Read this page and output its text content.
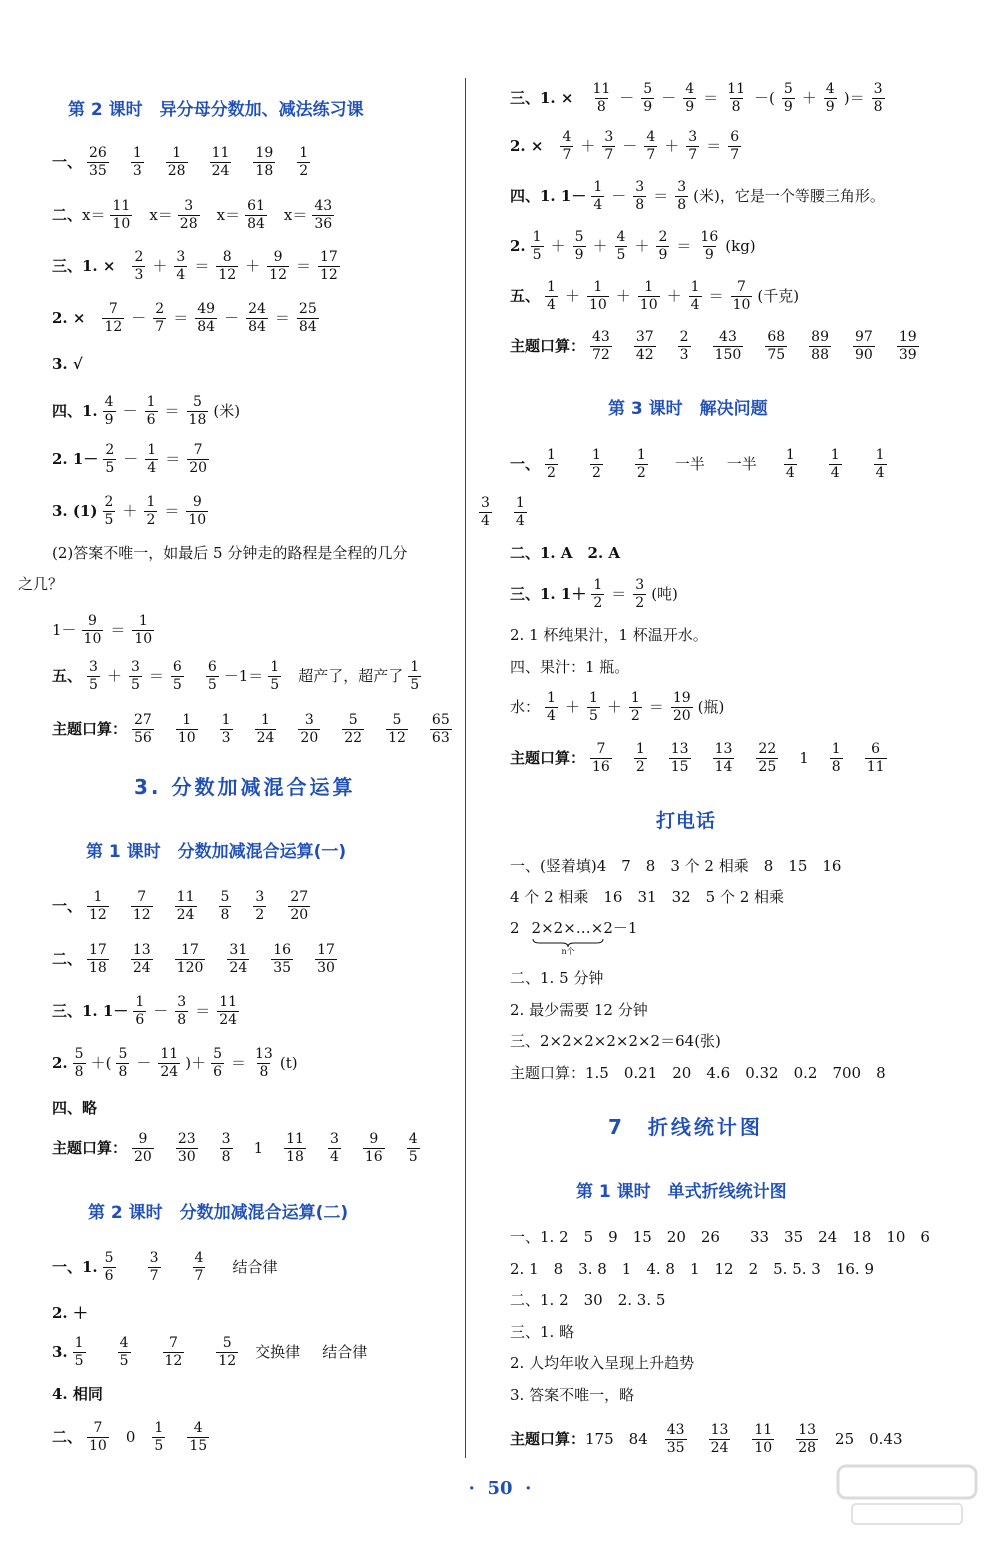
第 2 课时　异分母分数加、减法练习课
一、 $\frac{26}{35} \frac{1}{3} \frac{1}{28} \frac{11}{24} \frac{19}{18} \frac{1}{2}$
二、 $x= \frac{11}{10} x= \frac{3}{28} x= \frac{61}{84} x= \frac{43}{36}$
三、1. × $\frac{2}{3} + \frac{3}{4} = \frac{8}{12} + \frac{9}{12} = \frac{17}{12}$
2. × $\frac{7}{12} - \frac{2}{7} = \frac{49}{84} - \frac{24}{84} = \frac{25}{84}$
3. √
四、1. $\frac{4}{9} - \frac{1}{6} = \frac{5}{18}$ (米)
2. $1- \frac{2}{5} - \frac{1}{4} = \frac{7}{20}$
3. $(1) \frac{2}{5} + \frac{1}{2} = \frac{9}{10}$
(2)答案不唯一，如最后 5 分钟走的路程是全程的几分
之几？
$1- \frac{9}{10} = \frac{1}{10}$
五、 $\frac{3}{5} + \frac{3}{5} = \frac{6}{5} \frac{6}{5} -1= \frac{1}{5}$ 超产了，超产了 $\frac{1}{5}$
主题口算： $\frac{27}{56} \frac{1}{10} \frac{1}{3} \frac{1}{24} \frac{3}{20} \frac{5}{22} \frac{5}{12} \frac{65}{63}$
3. 分数加减混合运算
第 1 课时　分数加减混合运算(一)
一、 $\frac{1}{12} \frac{7}{12} \frac{11}{24} \frac{5}{8} \frac{3}{2} \frac{27}{20}$
二、 $\frac{17}{18} \frac{13}{24} \frac{17}{120} \frac{31}{24} \frac{16}{35} \frac{17}{30}$
三、1. $1- \frac{1}{6} - \frac{3}{8} = \frac{11}{24}$
2. $\frac{5}{8}$ ＋( $\frac{5}{8} - \frac{11}{24}$ )＋ $\frac{5}{6} = \frac{13}{8} (t)$
四、略
主题口算： $\frac{9}{20} \frac{23}{30} \frac{3}{8} 1 \frac{11}{18} \frac{3}{4} \frac{9}{16} \frac{4}{5}$
第 2 课时　分数加减混合运算(二)
一、1. $\frac{5}{6} \frac{3}{7} \frac{4}{7}$ 结合律
2. ＋
3. $\frac{1}{5} \frac{4}{5} \frac{7}{12} \frac{5}{12}$ 交换律 结合律
4. 相同
二、 $\frac{7}{10} 0 \frac{1}{5} \frac{4}{15}$
三、1. × $\frac{11}{8} - \frac{5}{9} - \frac{4}{9} = \frac{11}{8}$ －( $\frac{5}{9} + \frac{4}{9}$ )＝ $\frac{3}{8}$
2. × $\frac{4}{7} + \frac{3}{7} - \frac{4}{7} + \frac{3}{7} = \frac{6}{7}$
四、1. $1- \frac{1}{4} - \frac{3}{8} = \frac{3}{8}$ (米)，它是一个等腰三角形。
2. $\frac{1}{5} + \frac{5}{9} + \frac{4}{5} + \frac{2}{9} = \frac{16}{9} (kg)$
五、 $\frac{1}{4} + \frac{1}{10} + \frac{1}{10} + \frac{1}{4} = \frac{7}{10}$ (千克)
主题口算： $\frac{43}{72} \frac{37}{42} \frac{2}{3} \frac{43}{150} \frac{68}{75} \frac{89}{88} \frac{97}{90} \frac{19}{39}$
第 3 课时　解决问题
一、 $\frac{1}{2} \frac{1}{2} \frac{1}{2}$ 一半 一半 $\frac{1}{4} \frac{1}{4} \frac{1}{4}$
$\frac{3}{4} \frac{1}{4}$
二、1. A　2. A
三、1. $1+ \frac{1}{2} = \frac{3}{2}$ (吨)
2. 1 杯纯果汁，1 杯温开水。
四、果汁：1 瓶。
水： $\frac{1}{4} + \frac{1}{5} + \frac{1}{2} = \frac{19}{20}$ (瓶)
主题口算： $\frac{7}{16} \frac{1}{2} \frac{13}{15} \frac{13}{14} \frac{22}{25} 1 \frac{1}{8} \frac{6}{11}$
打电话
一、(竖着填)4　7　8　3 个 2 相乘　8　15　16
4 个 2 相乘　16　31　32　5 个 2 相乘
2 2×2×…×2－1
n个
二、1. 5 分钟
2. 最少需要 12 分钟
三、2×2×2×2×2×2＝64(张)
主题口算：1.5　0.21　20　4.6　0.32　0.2　700　8
7　折线统计图
第 1 课时　单式折线统计图
一、1. 2　5　9　15　20　26　　33　35　24　18　10　6
2. 1　8　3. 8　1　4. 8　1　12　2　5. 5. 3　16. 9
二、1. 2　30　2. 3. 5
三、1. 略
2. 人均年收入呈现上升趋势
3. 答案不唯一，略
主题口算： 175　$84 \frac{43}{35} \frac{13}{24} \frac{11}{10} \frac{13}{28} 25$　0.43
·  50  ·
